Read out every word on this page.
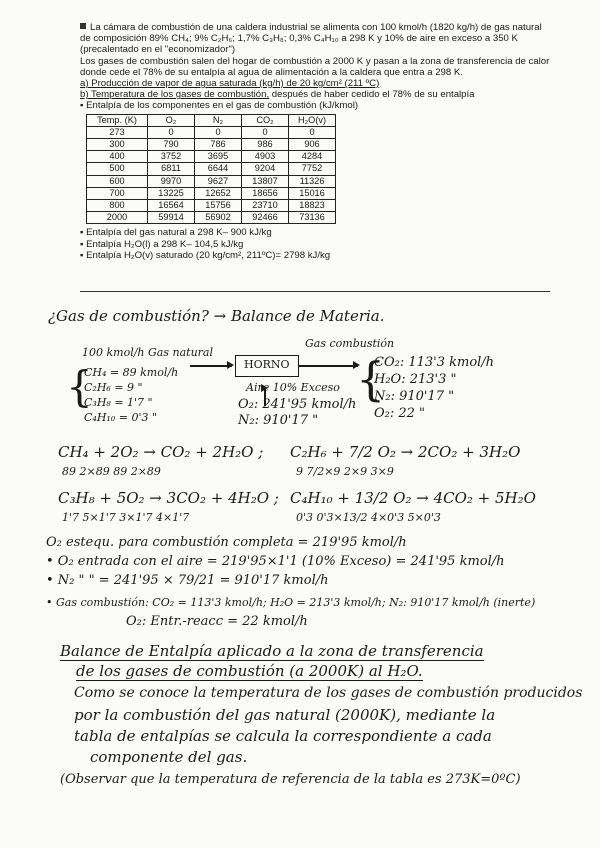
La cámara de combustión de una caldera industrial se alimenta con 100 kmol/h (1820 kg/h) de gas natural de composición 89% CH₄; 9% C₂H₆; 1,7% C₃H₈; 0,3% C₄H₁₀ a 298 K y 10% de aire en exceso a 350 K (precalentado en el "economizador")

Los gases de combustión salen del hogar de combustión a 2000 K y pasan a la zona de transferencia de calor donde cede el 78% de su entalpía al agua de alimentación a la caldera que entra a 298 K.

a) Producción de vapor de agua saturada (kg/h) de 20 kg/cm² (211 ºC)

b) Temperatura de los gases de combustión, después de haber cedido el 78% de su entalpía

▪ Entalpía de los componentes en el gas de combustión (kJ/kmol)

Temp. (K)	O₂	N₂	CO₂	H₂O(v)
273	0	0	0	0
300	790	786	986	906
400	3752	3695	4903	4284
500	6811	6644	9204	7752
600	9970	9627	13807	11326
700	13225	12652	18656	15016
800	16564	15756	23710	18823
2000	59914	56902	92466	73136

▪ Entalpía del gas natural a 298 K– 900 kJ/kg

▪ Entalpía H₂O(l) a 298 K– 104,5 kJ/kg

▪ Entalpía H₂O(v) saturado (20 kg/cm², 211ºC)= 2798 kJ/kg

¿Gas de combustión? → Balance de Materia.
100 kmol/h Gas natural
HORNO
Gas combustión
{
CH₄ = 89 kmol/h
C₂H₆ = 9 "
C₃H₈ = 1'7 "
C₄H₁₀ = 0'3 "
Aire 10% Exceso
O₂: 241'95 kmol/h
N₂: 910'17 "
{
CO₂: 113'3 kmol/h
H₂O: 213'3 "
N₂: 910'17 "
O₂: 22 "
CH₄ + 2O₂ → CO₂ + 2H₂O ;
89 2×89 89 2×89
C₂H₆ + 7/2 O₂ → 2CO₂ + 3H₂O
9 7/2×9 2×9 3×9
C₃H₈ + 5O₂ → 3CO₂ + 4H₂O ;
1'7 5×1'7 3×1'7 4×1'7
C₄H₁₀ + 13/2 O₂ → 4CO₂ + 5H₂O
0'3 0'3×13/2 4×0'3 5×0'3
O₂ estequ. para combustión completa = 219'95 kmol/h
• O₂ entrada con el aire = 219'95×1'1 (10% Exceso) = 241'95 kmol/h
• N₂ " " = 241'95 × 79/21 = 910'17 kmol/h
• Gas combustión: CO₂ = 113'3 kmol/h; H₂O = 213'3 kmol/h; N₂: 910'17 kmol/h (inerte)
O₂: Entr.-reacc = 22 kmol/h
Balance de Entalpía aplicado a la zona de transferencia
de los gases de combustión (a 2000K) al H₂O.
Como se conoce la temperatura de los gases de combustión producidos
por la combustión del gas natural (2000K), mediante la
tabla de entalpías se calcula la correspondiente a cada
componente del gas.
(Observar que la temperatura de referencia de la tabla es 273K=0ºC)
